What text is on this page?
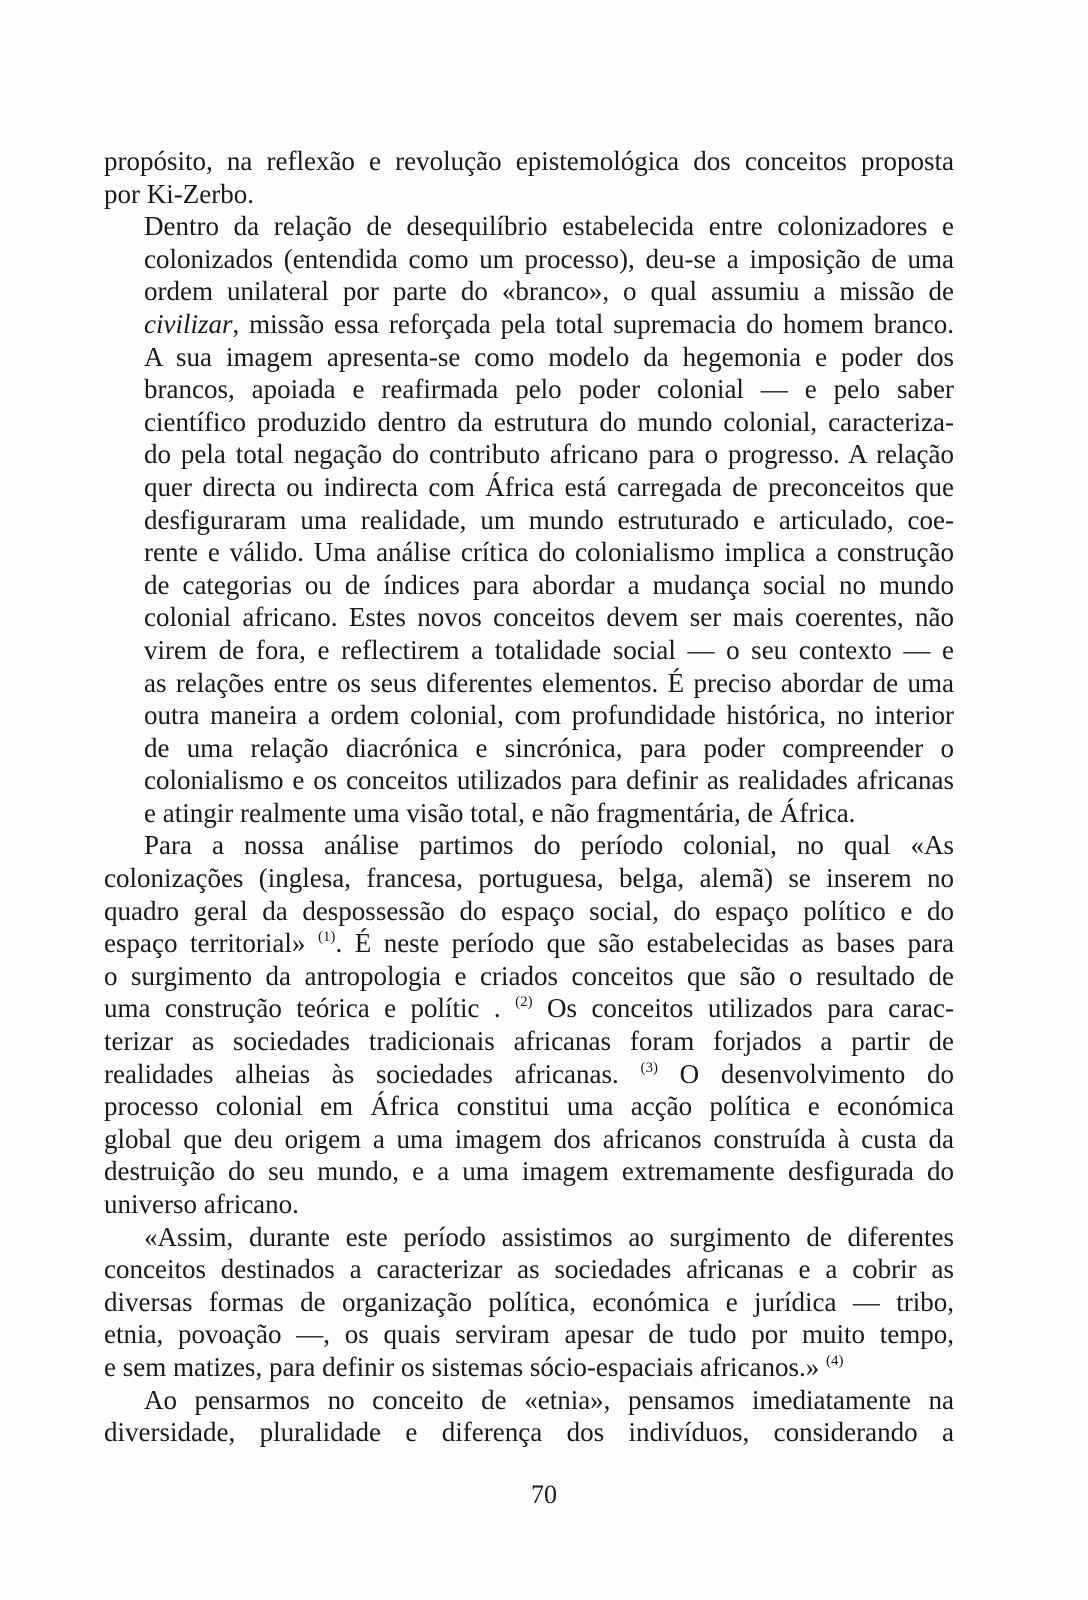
propósito, na reflexão e revolução epistemológica dos conceitos proposta
por Ki-Zerbo.

Dentro da relação de desequilíbrio estabelecida entre colonizadores e
colonizados (entendida como um processo), deu-se a imposição de uma
ordem unilateral por parte do «branco», o qual assumiu a missão de
civilizar, missão essa reforçada pela total supremacia do homem branco.
A sua imagem apresenta-se como modelo da hegemonia e poder dos
brancos, apoiada e reafirmada pelo poder colonial — e pelo saber
científico produzido dentro da estrutura do mundo colonial, caracteriza-
do pela total negação do contributo africano para o progresso. A relação
quer directa ou indirecta com África está carregada de preconceitos que
desfiguraram uma realidade, um mundo estruturado e articulado, coe-
rente e válido. Uma análise crítica do colonialismo implica a construção
de categorias ou de índices para abordar a mudança social no mundo
colonial africano. Estes novos conceitos devem ser mais coerentes, não
virem de fora, e reflectirem a totalidade social — o seu contexto — e
as relações entre os seus diferentes elementos. É preciso abordar de uma
outra maneira a ordem colonial, com profundidade histórica, no interior
de uma relação diacrónica e sincrónica, para poder compreender o
colonialismo e os conceitos utilizados para definir as realidades africanas
e atingir realmente uma visão total, e não fragmentária, de África.

Para a nossa análise partimos do período colonial, no qual «As
colonizações (inglesa, francesa, portuguesa, belga, alemã) se inserem no
quadro geral da despossessão do espaço social, do espaço político e do
espaço territorial» $^{(1)}$. É neste período que são estabelecidas as bases para
o surgimento da antropologia e criados conceitos que são o resultado de
uma construção teórica e polític . $^{(2)}$ Os conceitos utilizados para carac-
terizar as sociedades tradicionais africanas foram forjados a partir de
realidades alheias às sociedades africanas. $^{(3)}$ O desenvolvimento do
processo colonial em África constitui uma acção política e económica
global que deu origem a uma imagem dos africanos construída à custa da
destruição do seu mundo, e a uma imagem extremamente desfigurada do
universo africano.

«Assim, durante este período assistimos ao surgimento de diferentes
conceitos destinados a caracterizar as sociedades africanas e a cobrir as
diversas formas de organização política, económica e jurídica — tribo,
etnia, povoação —, os quais serviram apesar de tudo por muito tempo,
e sem matizes, para definir os sistemas sócio-espaciais africanos.» $^{(4)}$

Ao pensarmos no conceito de «etnia», pensamos imediatamente na
diversidade, pluralidade e diferença dos indivíduos, considerando a

70
